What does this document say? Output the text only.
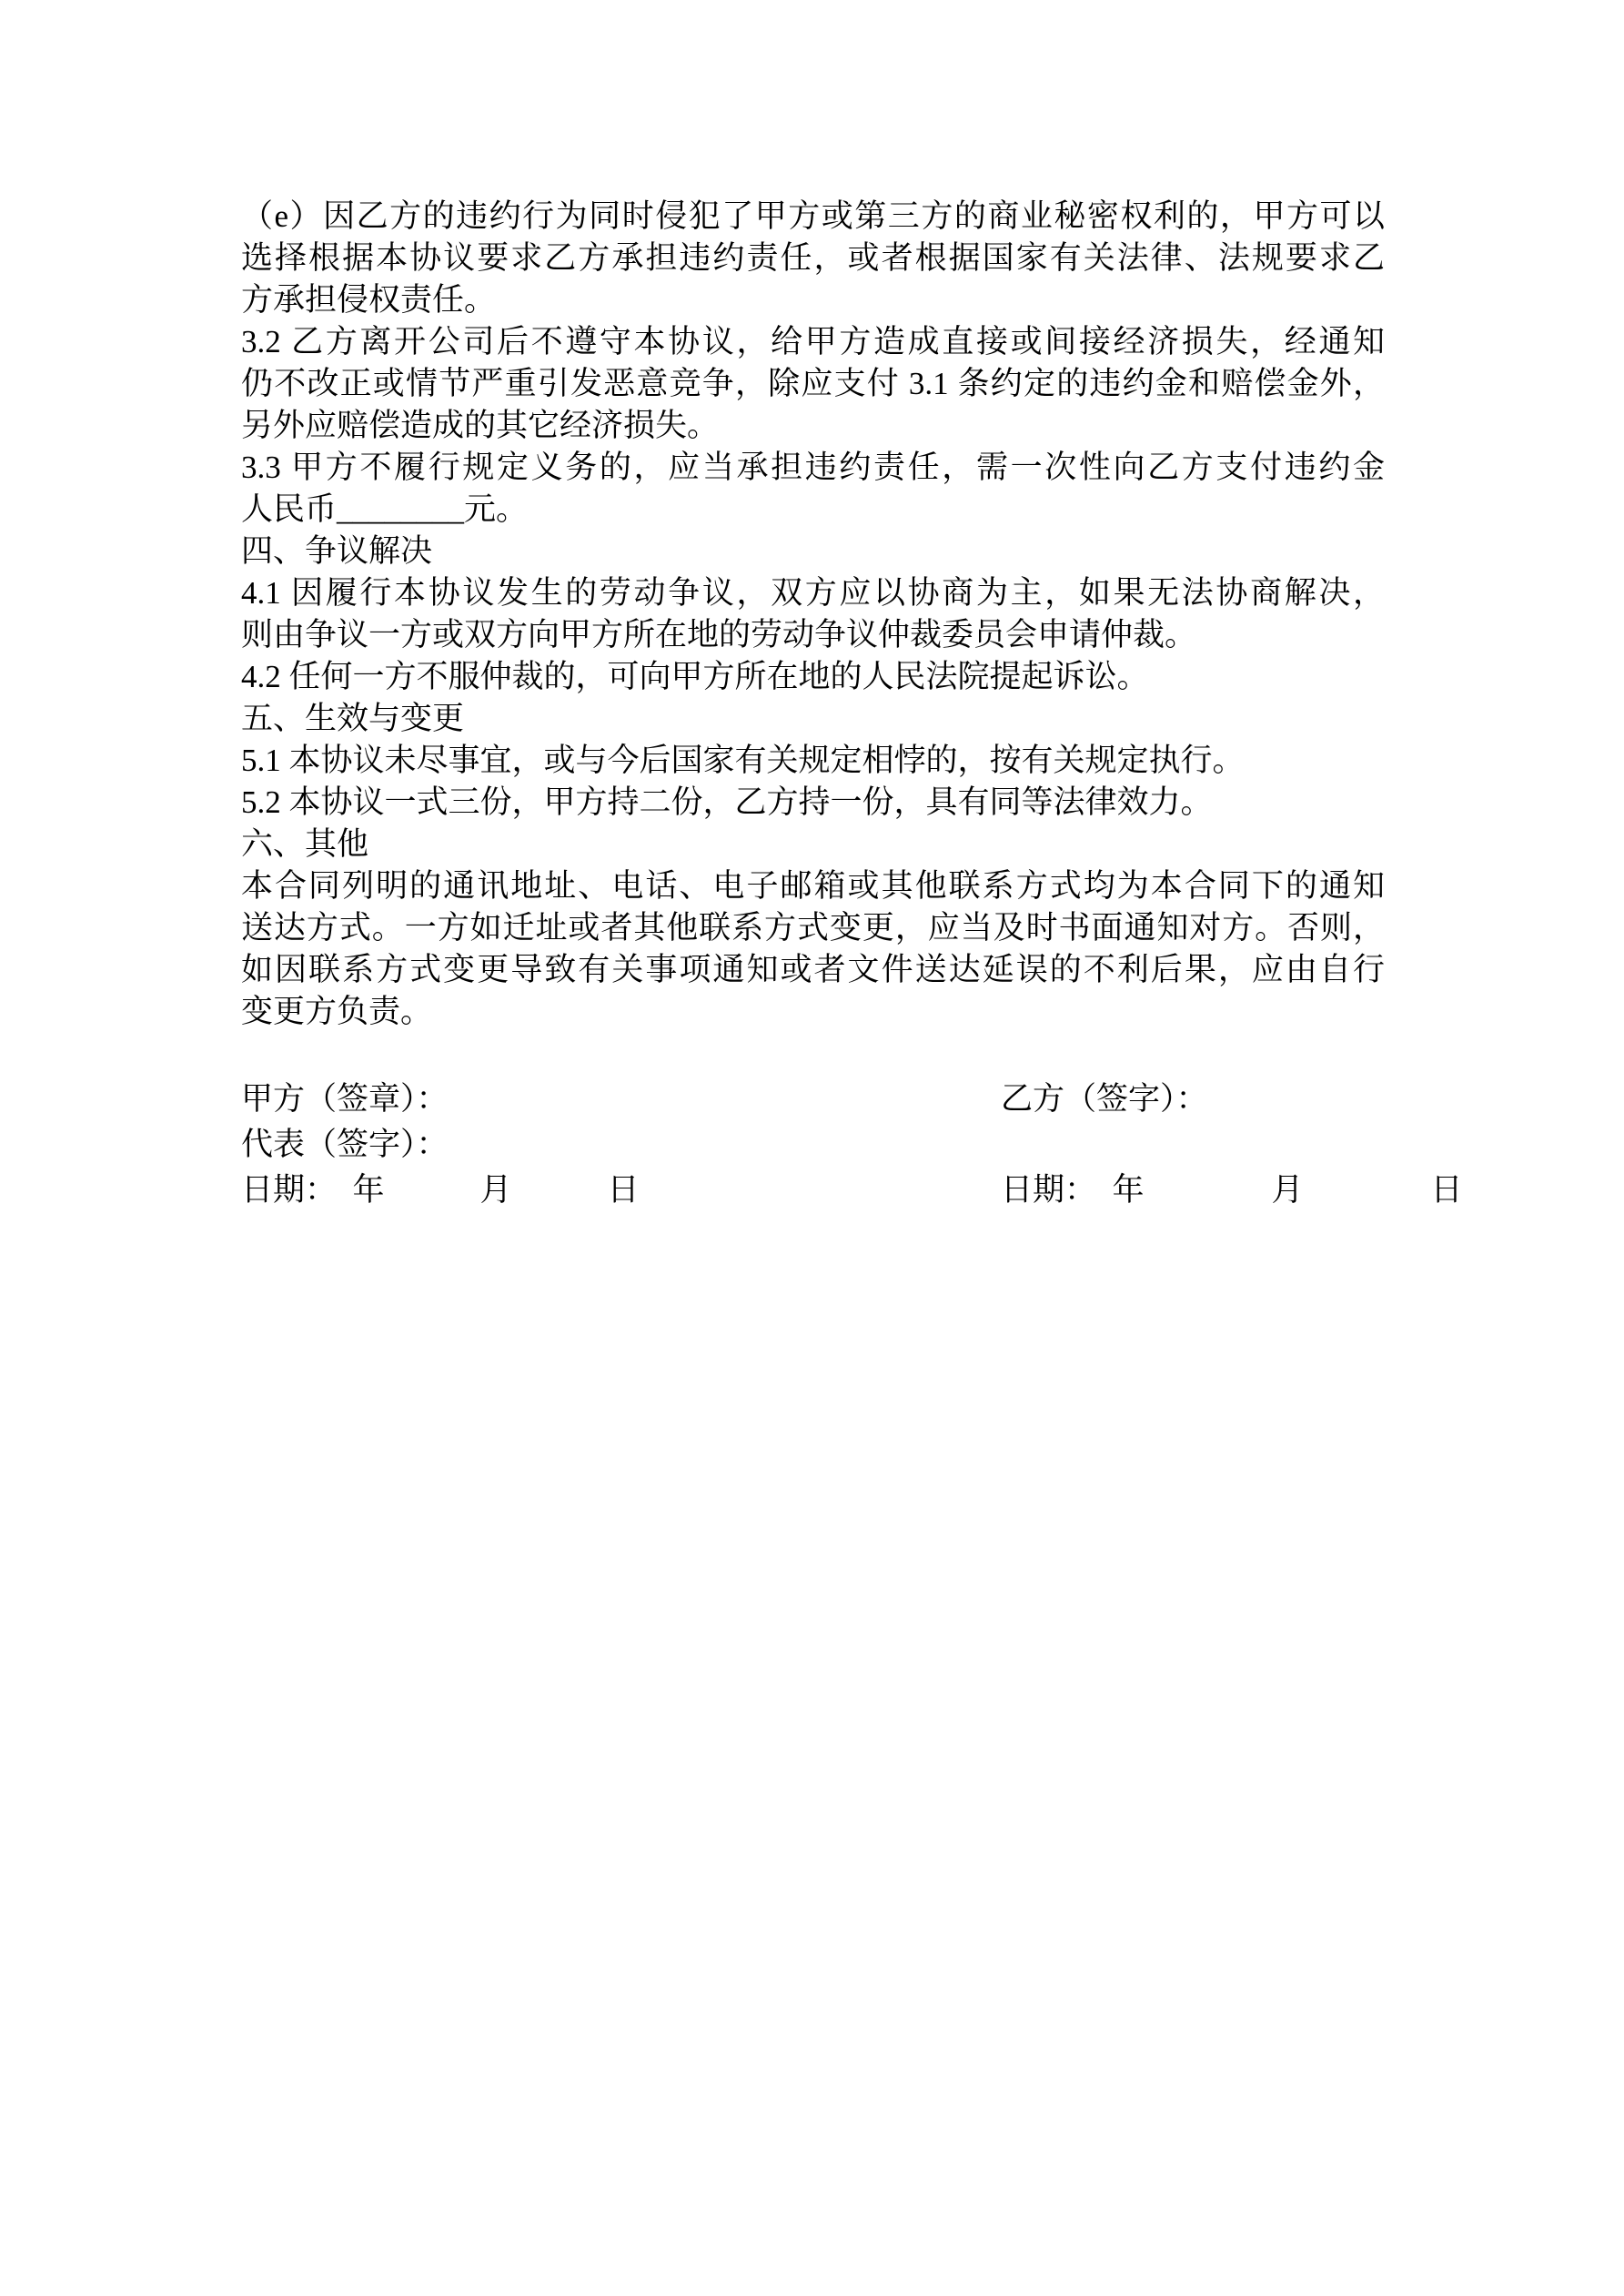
（e）因乙方的违约行为同时侵犯了甲方或第三方的商业秘密权利的，甲方可以
选择根据本协议要求乙方承担违约责任，或者根据国家有关法律、法规要求乙
方承担侵权责任。
3.2 乙方离开公司后不遵守本协议，给甲方造成直接或间接经济损失，经通知
仍不改正或情节严重引发恶意竞争，除应支付 3.1 条约定的违约金和赔偿金外，
另外应赔偿造成的其它经济损失。
3.3 甲方不履行规定义务的，应当承担违约责任，需一次性向乙方支付违约金
人民币________元。
四、争议解决
4.1 因履行本协议发生的劳动争议，双方应以协商为主，如果无法协商解决，
则由争议一方或双方向甲方所在地的劳动争议仲裁委员会申请仲裁。
4.2 任何一方不服仲裁的，可向甲方所在地的人民法院提起诉讼。
五、生效与变更
5.1 本协议未尽事宜，或与今后国家有关规定相悖的，按有关规定执行。
5.2 本协议一式三份，甲方持二份，乙方持一份，具有同等法律效力。
六、其他
本合同列明的通讯地址、电话、电子邮箱或其他联系方式均为本合同下的通知
送达方式。一方如迁址或者其他联系方式变更，应当及时书面通知对方。否则，
如因联系方式变更导致有关事项通知或者文件送达延误的不利后果，应由自行
变更方负责。
甲方（签章）：	乙方（签字）：
代表（签字）：
日期：　年　　　月　　　日	日期：　年　　　　月　　　　日
